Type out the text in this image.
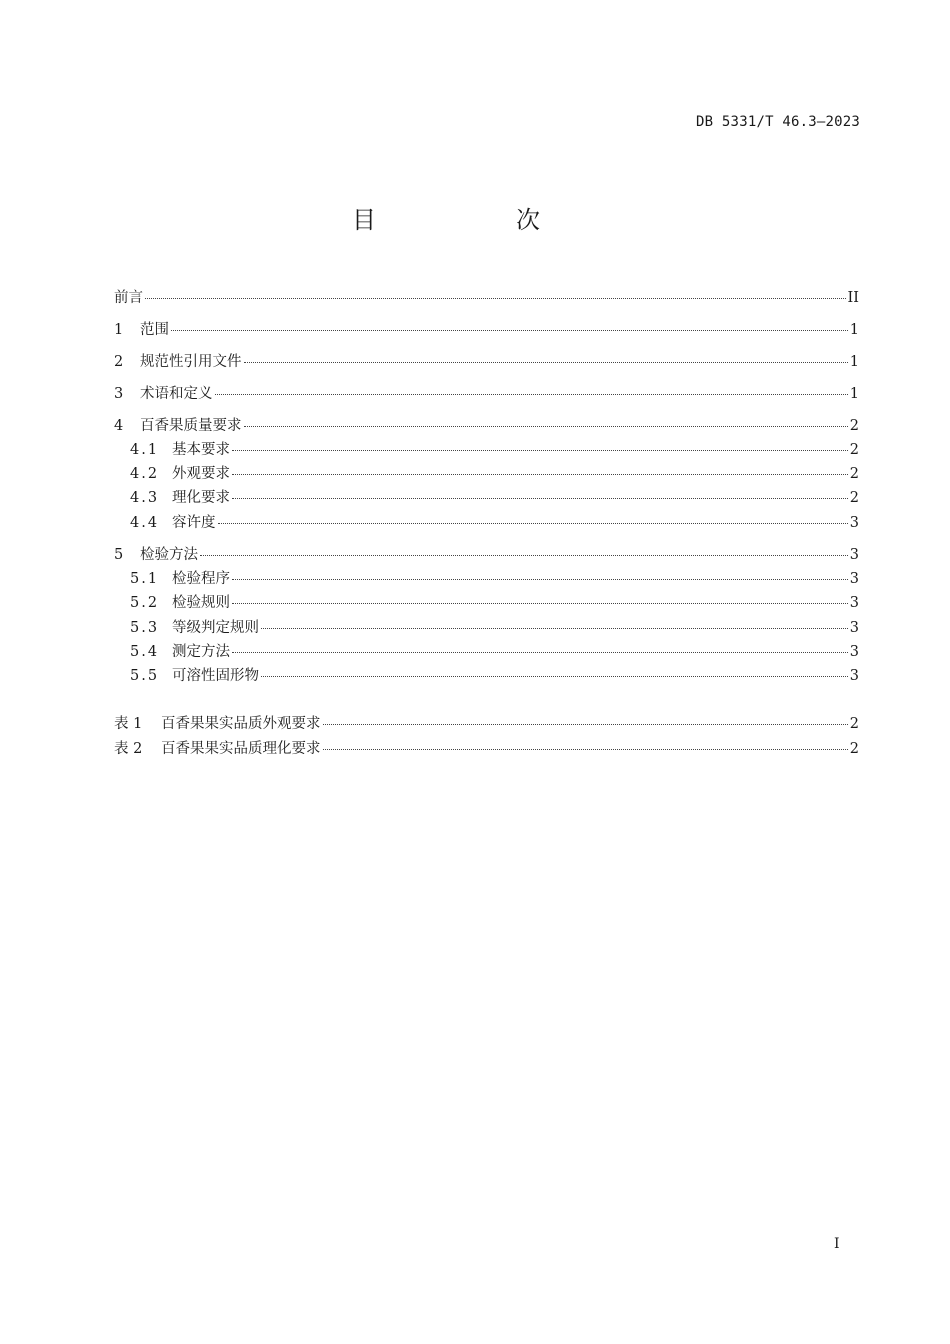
DB 5331/T 46.3—2023
目　次
前言	II
1	范围	1
2	规范性引用文件	1
3	术语和定义	1
4	百香果质量要求	2
4.1 基本要求	2
4.2 外观要求	2
4.3 理化要求	2
4.4 容许度	3
5	检验方法	3
5.1 检验程序	3
5.2 检验规则	3
5.3 等级判定规则	3
5.4 测定方法	3
5.5 可溶性固形物	3
表 1	百香果果实品质外观要求	2
表 2	百香果果实品质理化要求	2
I
